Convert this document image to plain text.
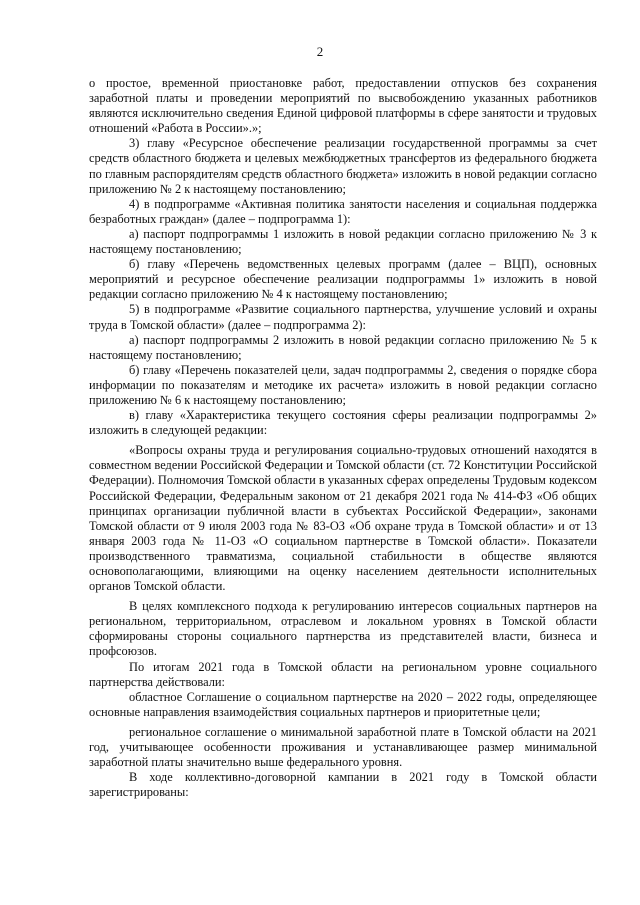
2

о простое, временной приостановке работ, предоставлении отпусков без сохранения заработной платы и проведении мероприятий по высвобождению указанных работников являются исключительно сведения Единой цифровой платформы в сфере занятости и трудовых отношений «Работа в России».»;

3) главу «Ресурсное обеспечение реализации государственной программы за счет средств областного бюджета и целевых межбюджетных трансфертов из федерального бюджета по главным распорядителям средств областного бюджета» изложить в новой редакции согласно приложению № 2 к настоящему постановлению;

4) в подпрограмме «Активная политика занятости населения и социальная поддержка безработных граждан» (далее – подпрограмма 1):

а) паспорт подпрограммы 1 изложить в новой редакции согласно приложению № 3 к настоящему постановлению;

б) главу «Перечень ведомственных целевых программ (далее – ВЦП), основных мероприятий и ресурсное обеспечение реализации подпрограммы 1» изложить в новой редакции согласно приложению № 4 к настоящему постановлению;

5) в подпрограмме «Развитие социального партнерства, улучшение условий и охраны труда в Томской области» (далее – подпрограмма 2):

а) паспорт подпрограммы 2 изложить в новой редакции согласно приложению № 5 к настоящему постановлению;

б) главу «Перечень показателей цели, задач подпрограммы 2, сведения о порядке сбора информации по показателям и методике их расчета» изложить в новой редакции согласно приложению № 6 к настоящему постановлению;

в) главу «Характеристика текущего состояния сферы реализации подпрограммы 2» изложить в следующей редакции:

«Вопросы охраны труда и регулирования социально-трудовых отношений находятся в совместном ведении Российской Федерации и Томской области (ст. 72 Конституции Российской Федерации). Полномочия Томской области в указанных сферах определены Трудовым кодексом Российской Федерации, Федеральным законом от 21 декабря 2021 года № 414-ФЗ «Об общих принципах организации публичной власти в субъектах Российской Федерации», законами Томской области от 9 июля 2003 года № 83-ОЗ «Об охране труда в Томской области» и от 13 января 2003 года № 11-ОЗ «О социальном партнерстве в Томской области». Показатели производственного травматизма, социальной стабильности в обществе являются основополагающими, влияющими на оценку населением деятельности исполнительных органов Томской области.

В целях комплексного подхода к регулированию интересов социальных партнеров на региональном, территориальном, отраслевом и локальном уровнях в Томской области сформированы стороны социального партнерства из представителей власти, бизнеса и профсоюзов.

По итогам 2021 года в Томской области на региональном уровне социального партнерства действовали:

областное Соглашение о социальном партнерстве на 2020 – 2022 годы, определяющее основные направления взаимодействия социальных партнеров и приоритетные цели;

региональное соглашение о минимальной заработной плате в Томской области на 2021 год, учитывающее особенности проживания и устанавливающее размер минимальной заработной платы значительно выше федерального уровня.

В ходе коллективно-договорной кампании в 2021 году в Томской области зарегистрированы:
